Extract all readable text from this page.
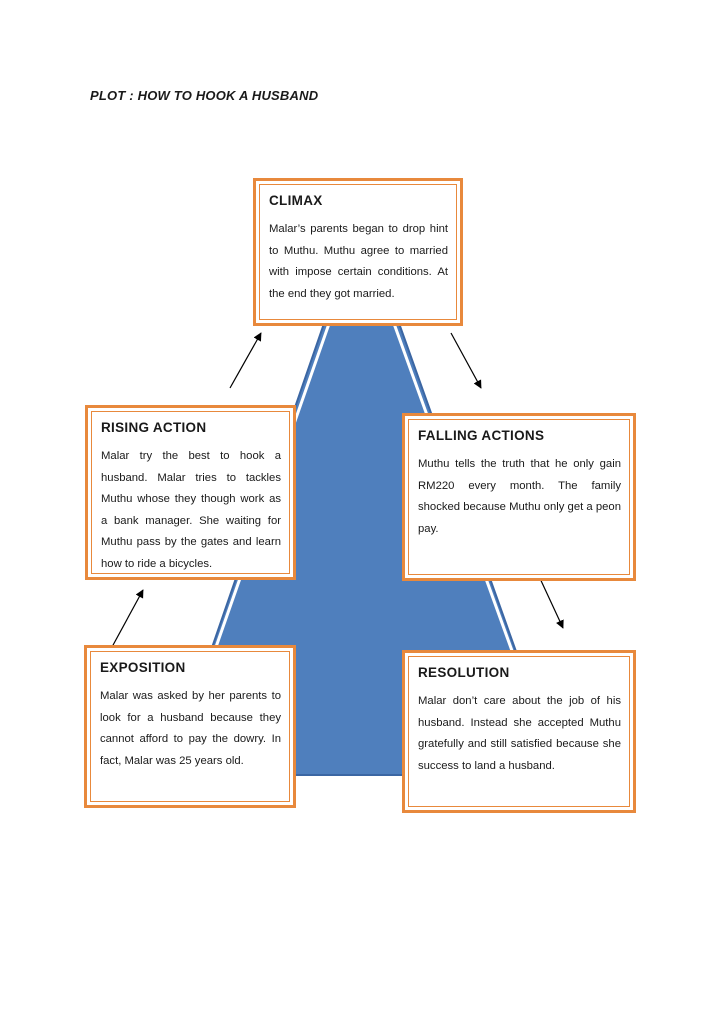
PLOT : HOW TO HOOK A HUSBAND
CLIMAX
Malar’s parents began to drop hint to Muthu. Muthu agree to married with impose certain conditions. At the end they got married.
RISING ACTION
Malar try the best to hook a husband. Malar tries to tackles Muthu whose they though work as a bank manager. She waiting for Muthu pass by the gates and learn how to ride a bicycles.
FALLING ACTIONS
Muthu tells the truth that he only gain RM220 every month. The family shocked because Muthu only get a peon pay.
EXPOSITION
Malar was asked by her parents to look for a husband because they cannot afford to pay the dowry. In fact, Malar was 25 years old.
RESOLUTION
Malar don’t care about the job of his husband. Instead she accepted Muthu gratefully and still satisfied because she success to land a husband.
